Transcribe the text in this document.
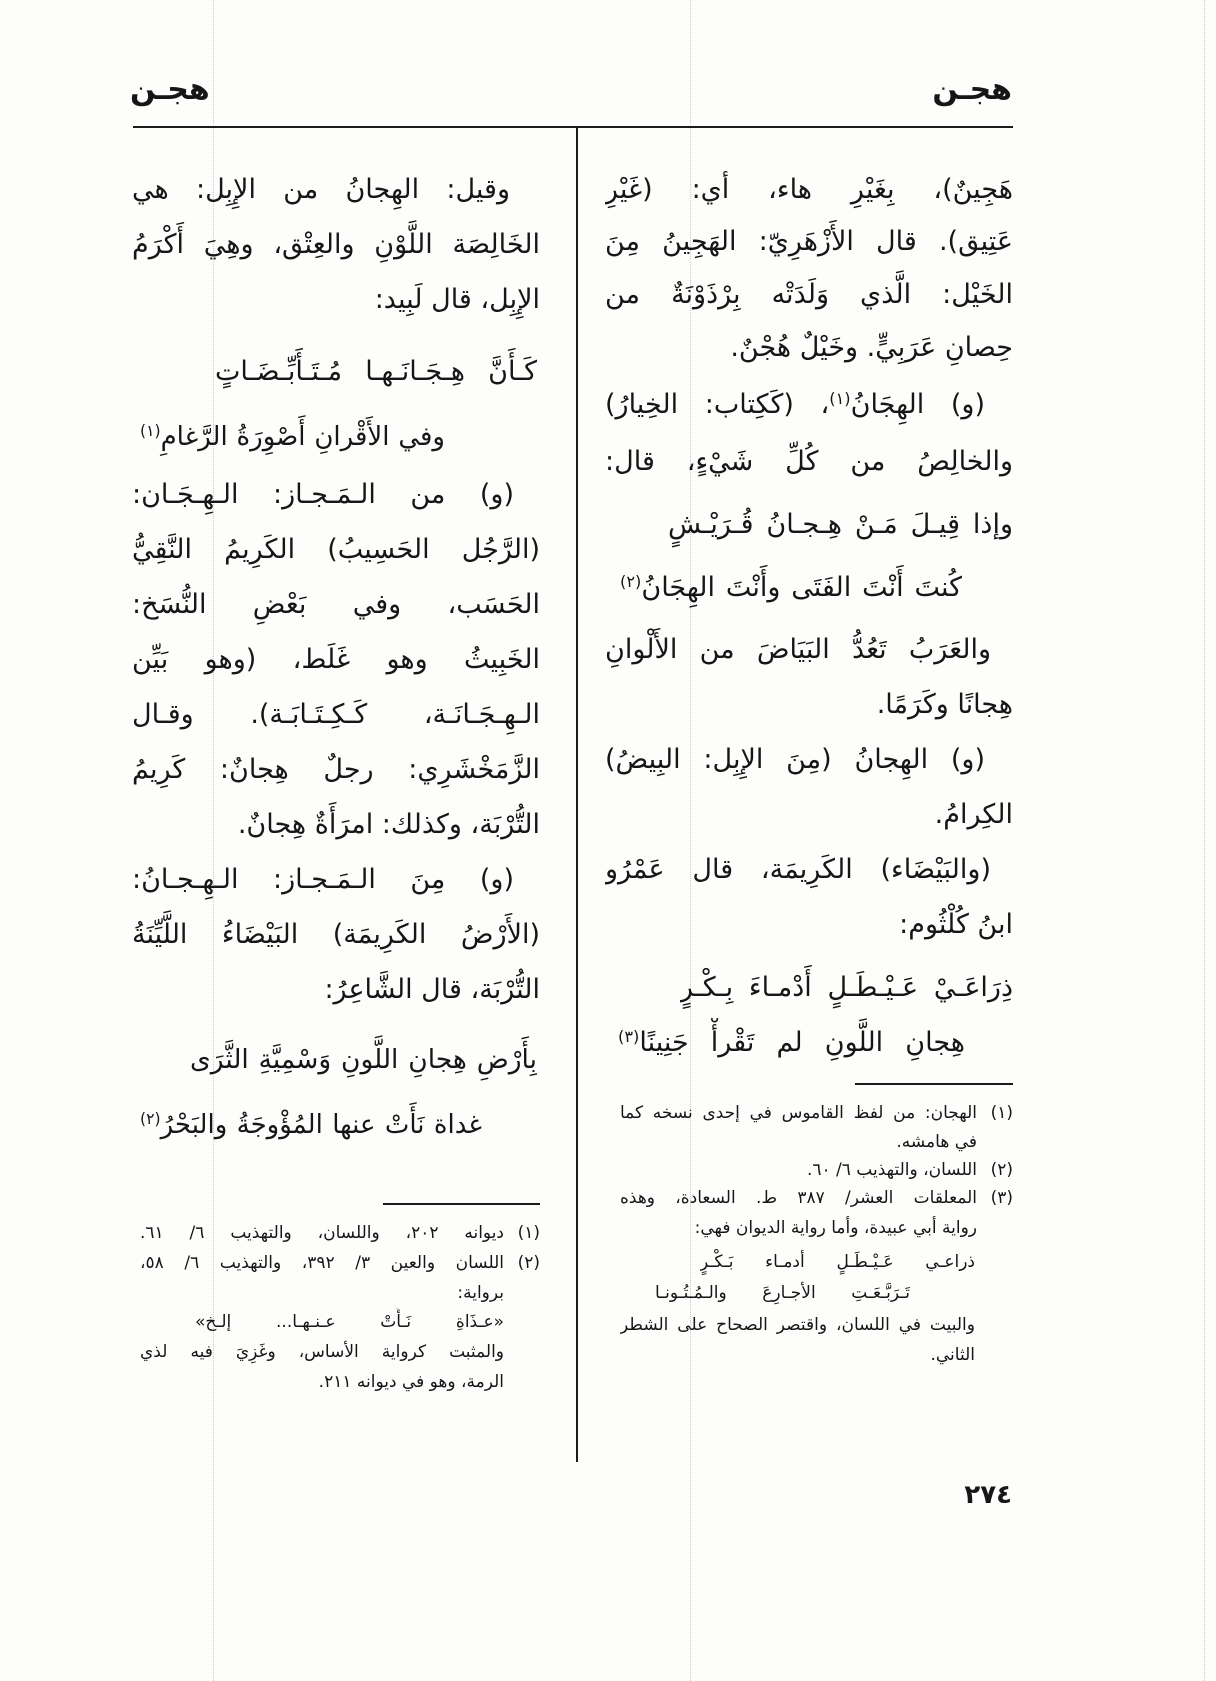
هجـن
هجـن
هَجِينٌ)، بِغَيْرِ هاء، أي: (غَيْرِ
عَتِيق). قال الأَزْهَرِيّ: الهَجِينُ مِنَ
الخَيْل: الَّذي وَلَدَتْه بِرْذَوْنَةٌ من
حِصانِ عَرَبِيٍّ. وخَيْلٌ هُجْنٌ.
(و) الهِجَانُ$^{(١)}$، (كَكِتاب: الخِيارُ)
والخالِصُ من كُلِّ شَيْءٍ، قال:
وإذا قِيـلَ مَـنْ هِـجـانُ قُـرَيْـشٍ
كُنتَ أَنْتَ الفَتَى وأَنْتَ الهِجَانُ$^{(٢)}$
والعَرَبُ تَعُدُّ البَيَاضَ من الأَلْوانِ
هِجانًا وكَرَمًا.
(و) الهِجانُ (مِنَ الإِبِل: البِيضُ)
الكِرامُ.
(والبَيْضَاء) الكَرِيمَة، قال عَمْرُو
ابنُ كُلْثُوم:
ذِرَاعَـيْ عَـيْـطَـلٍ أَدْمـاءَ بِـكْـرٍ
هِجانِ اللَّونِ لم تَقْرأْ جَنِينًا$^{(٣)}$
(١)
الهجان: من لفظ القاموس في إحدى نسخه كما
في هامشه.
(٢)
اللسان، والتهذيب ٦/ ٦٠.
(٣)
المعلقات العشر/ ٣٨٧ ط. السعادة، وهذه
رواية أبي عبيدة، وأما رواية الديوان فهي:
ذراعـي عَـيْـطَـلٍ أدمـاء بَـكْـرٍ
تَـرَبَّـعَـتِ الأجـارِعَ والـمُـتُـونـا
والبيت في اللسان، واقتصر الصحاح على الشطر
الثاني.
وقيل: الهِجانُ من الإِبِل: هي
الخَالِصَة اللَّوْنِ والعِتْق، وهِيَ أَكْرَمُ
الإِبِل، قال لَبِيد:
كَـأَنَّ هِـجَـانَـهـا مُـتَـأَبِّـضَـاتٍ
وفي الأَقْرانِ أَصْوِرَةُ الرَّغامِ$^{(١)}$
(و) من الـمَـجـاز: الـهِـجَـان:
(الرَّجُل الحَسِيبُ) الكَرِيمُ النَّقِيُّ
الحَسَب، وفي بَعْضِ النُّسَخ:
الخَبِيثُ وهو غَلَط، (وهو بَيِّن
الـهِـجَـانَـة، كَـكِـتَـابَـة). وقـال
الزَّمَخْشَرِي: رجلٌ هِجانٌ: كَرِيمُ
التُّرْبَة، وكذلك: امرَأَةٌ هِجانٌ.
(و) مِنَ الـمَـجـاز: الـهِـجـانُ:
(الأَرْضُ الكَرِيمَة) البَيْضَاءُ اللَّيِّنَةُ
التُّرْبَة، قال الشَّاعِرُ:
بِأَرْضِ هِجانِ اللَّونِ وَسْمِيَّةِ الثَّرَى
غداة نَأَتْ عنها المُؤْوجَةُ والبَحْرُ$^{(٢)}$
(١)
ديوانه ٢٠٢، واللسان، والتهذيب ٦/ ٦١.
(٢)
اللسان والعين ٣/ ٣٩٢، والتهذيب ٦/ ٥٨،
برواية:
«عـذَاةِ نَـأَتْ عـنـهـا... إلـخ»
والمثبت كرواية الأساس، وغَزِيَ فيه لذي
الرمة، وهو في ديوانه ٢١١.
٢٧٤
